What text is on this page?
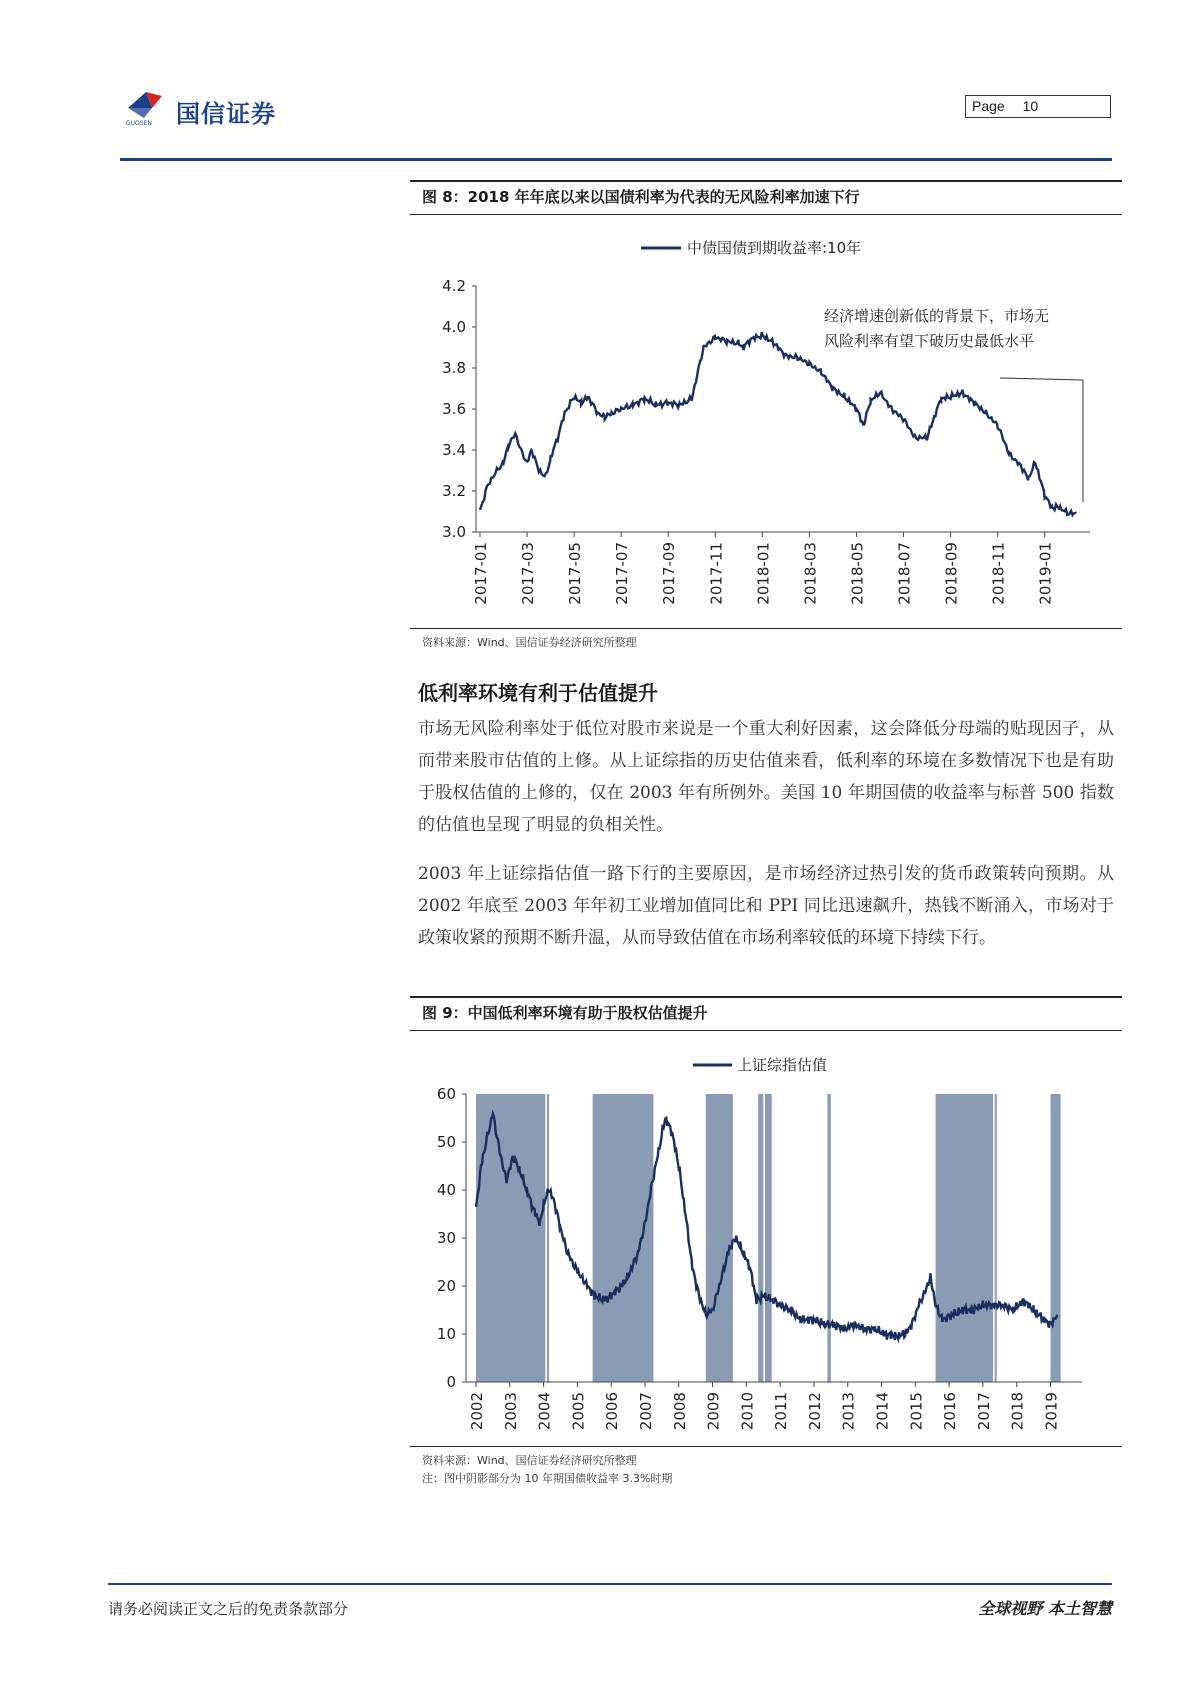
国信证券
GUOSEN
Page 10
图 8：2018 年年底以来以国债利率为代表的无风险利率加速下行
中债国债到期收益率:10年
4.2
4.0
3.8
3.6
3.4
3.2
3.0
2017-01 2017-03 2017-05 2017-07 2017-09 2017-11 2018-01 2018-03 2018-05 2018-07 2018-09 2018-11 2019-01
经济增速创新低的背景下，市场无
风险利率有望下破历史最低水平
资料来源：Wind、国信证券经济研究所整理
低利率环境有利于估值提升

市场无风险利率处于低位对股市来说是一个重大利好因素，这会降低分母端的贴现因子，从而带来股市估值的上修。从上证综指的历史估值来看，低利率的环境在多数情况下也是有助于股权估值的上修的，仅在 2003 年有所例外。美国 10 年期国债的收益率与标普 500 指数的估值也呈现了明显的负相关性。

2003 年上证综指估值一路下行的主要原因，是市场经济过热引发的货币政策转向预期。从 2002 年底至 2003 年年初工业增加值同比和 PPI 同比迅速飙升，热钱不断涌入，市场对于政策收紧的预期不断升温，从而导致估值在市场利率较低的环境下持续下行。

图 9：中国低利率环境有助于股权估值提升
上证综指估值
60
50
40
30
20
10
0
2002 2003 2004 2005 2006 2007 2008 2009 2010 2011 2012 2013 2014 2015 2016 2017 2018 2019
资料来源：Wind、国信证券经济研究所整理
注：图中阴影部分为 10 年期国债收益率 3.3%时期
请务必阅读正文之后的免责条款部分	全球视野 本土智慧
